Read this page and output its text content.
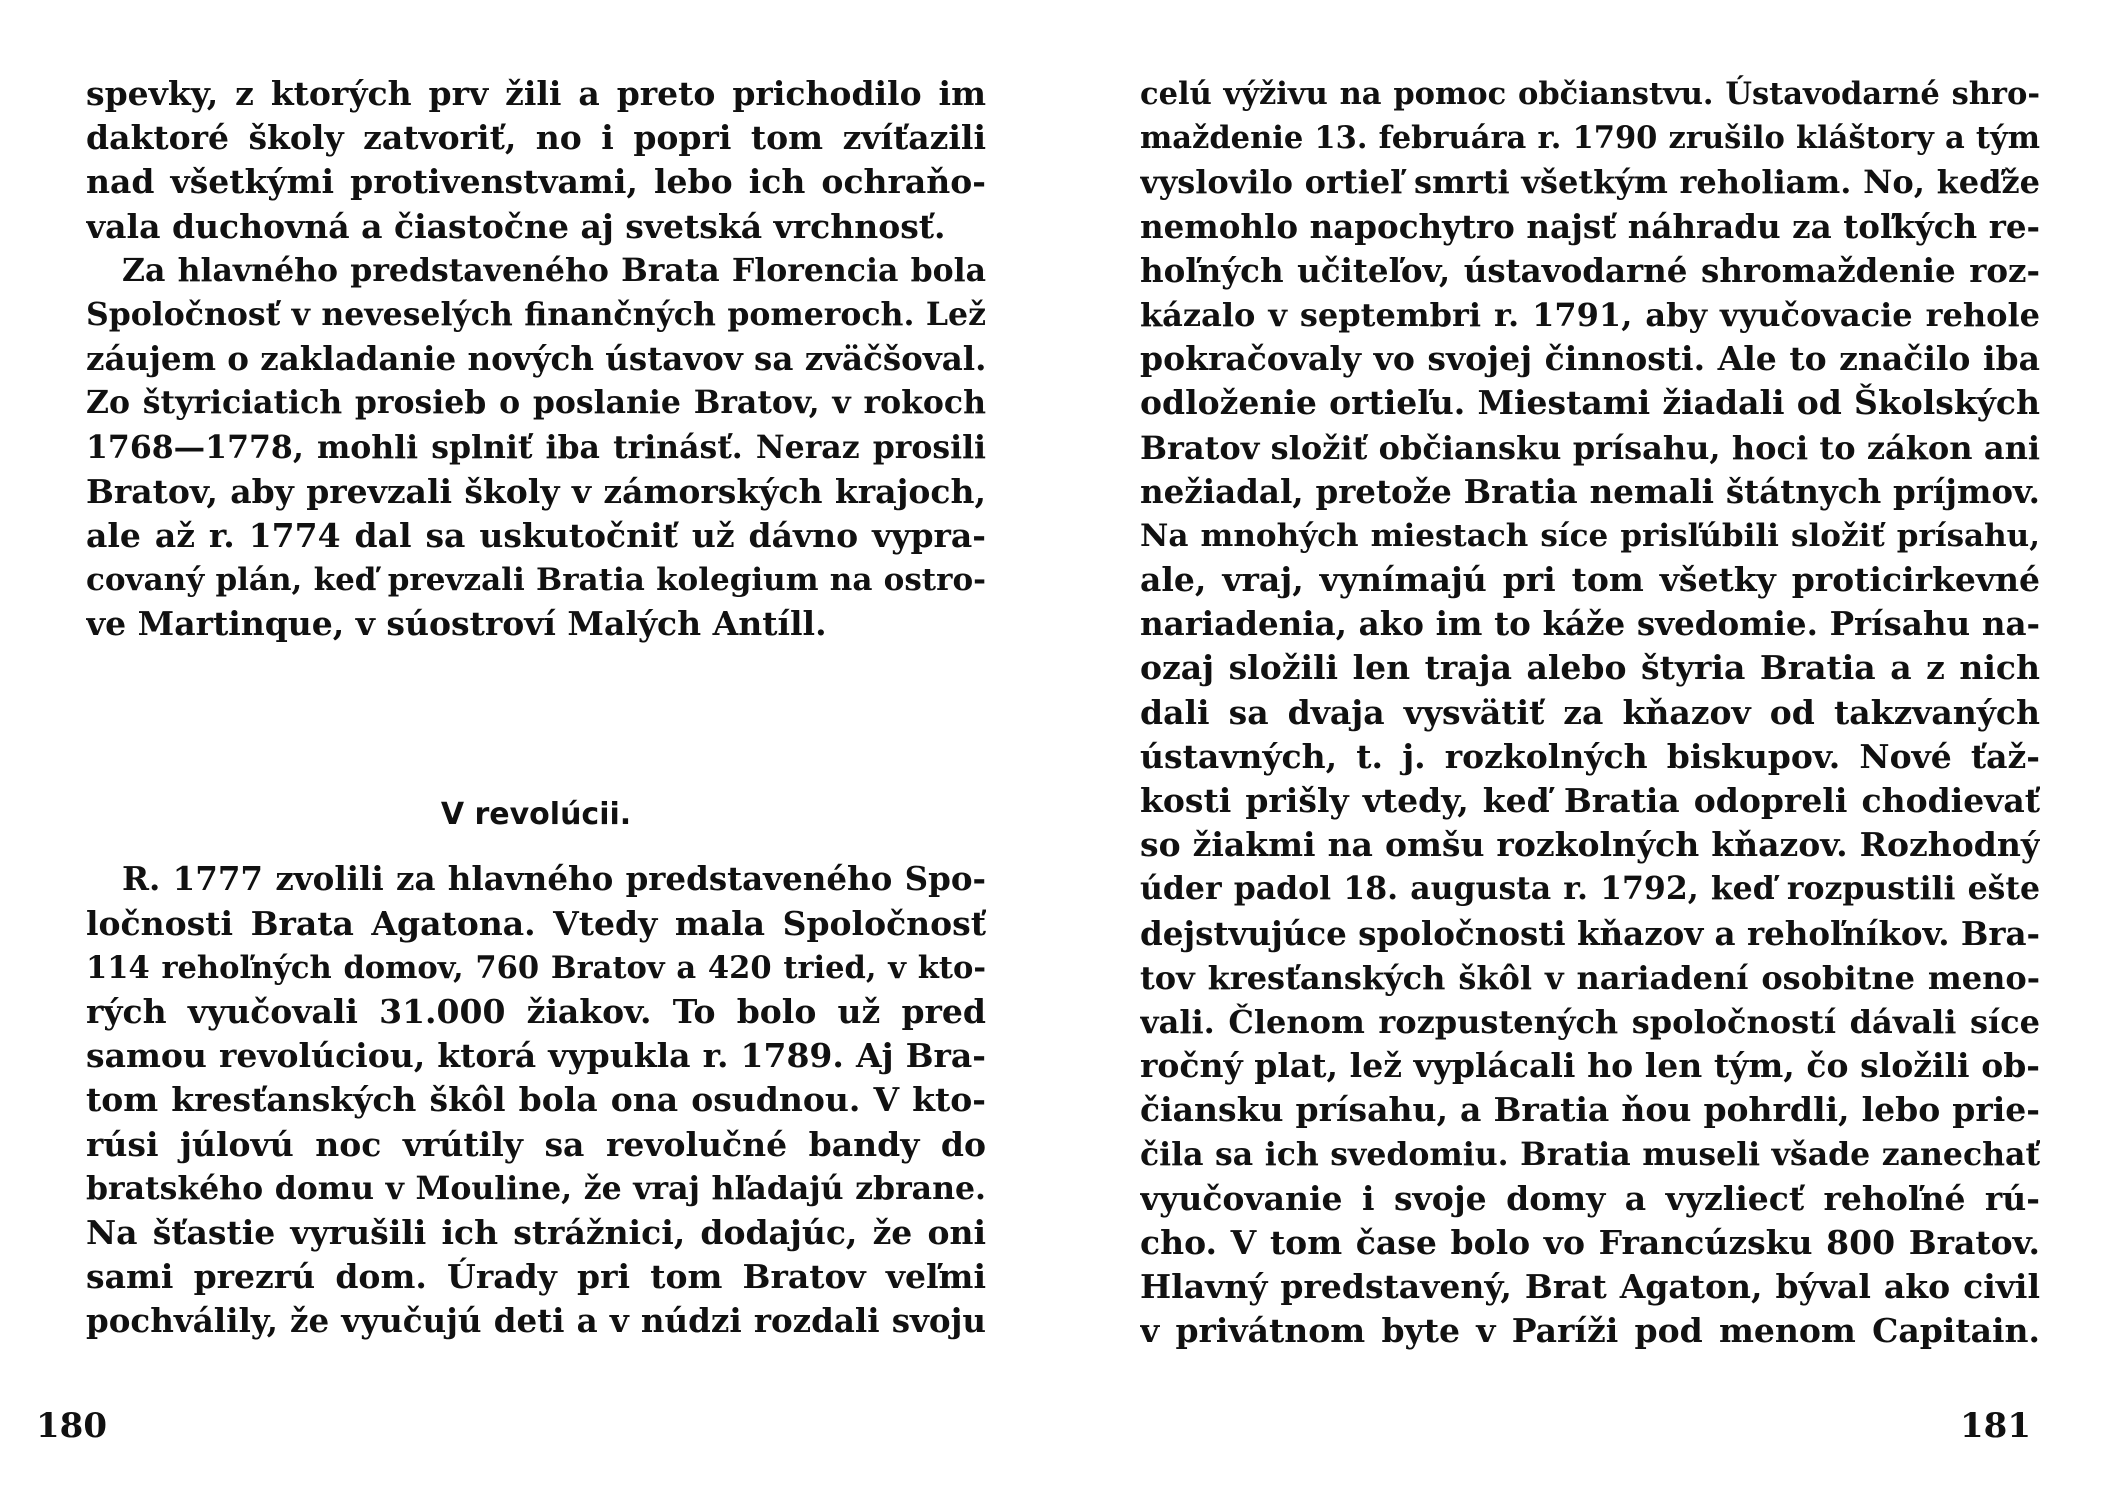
spevky, z ktorých prv žili a preto prichodilo im
daktoré školy zatvoriť, no i popri tom zvíťazili
nad všetkými protivenstvami, lebo ich ochraňo-
vala duchovná a čiastočne aj svetská vrchnosť.
Za hlavného predstaveného Brata Florencia bola
Spoločnosť v neveselých finančných pomeroch. Lež
záujem o zakladanie nových ústavov sa zväčšoval.
Zo štyriciatich prosieb o poslanie Bratov, v rokoch
1768—1778, mohli splniť iba trinásť. Neraz prosili
Bratov, aby prevzali školy v zámorských krajoch,
ale až r. 1774 dal sa uskutočniť už dávno vypra-
covaný plán, keď prevzali Bratia kolegium na ostro-
ve Martinque, v súostroví Malých Antíll.
V revolúcii.
R. 1777 zvolili za hlavného predstaveného Spo-
ločnosti Brata Agatona. Vtedy mala Spoločnosť
114 rehoľných domov, 760 Bratov a 420 tried, v kto-
rých vyučovali 31.000 žiakov. To bolo už pred
samou revolúciou, ktorá vypukla r. 1789. Aj Bra-
tom kresťanských škôl bola ona osudnou. V kto-
rúsi júlovú noc vrútily sa revolučné bandy do
bratského domu v Mouline, že vraj hľadajú zbrane.
Na šťastie vyrušili ich strážnici, dodajúc, že oni
sami prezrú dom. Úrady pri tom Bratov veľmi
pochválily, že vyučujú deti a v núdzi rozdali svoju
180
celú výživu na pomoc občianstvu. Ústavodarné shro-
maždenie 13. februára r. 1790 zrušilo kláštory a tým
vyslovilo ortieľ smrti všetkým reholiam. No, keďže
nemohlo napochytro najsť náhradu za toľkých re-
hoľných učiteľov, ústavodarné shromaždenie roz-
kázalo v septembri r. 1791, aby vyučovacie rehole
pokračovaly vo svojej činnosti. Ale to značilo iba
odloženie ortieľu. Miestami žiadali od Školských
Bratov složiť občiansku prísahu, hoci to zákon ani
nežiadal, pretože Bratia nemali štátnych príjmov.
Na mnohých miestach síce prisľúbili složiť prísahu,
ale, vraj, vynímajú pri tom všetky proticirkevné
nariadenia, ako im to káže svedomie. Prísahu na-
ozaj složili len traja alebo štyria Bratia a z nich
dali sa dvaja vysvätiť za kňazov od takzvaných
ústavných, t. j. rozkolných biskupov. Nové ťaž-
kosti prišly vtedy, keď Bratia odopreli chodievať
so žiakmi na omšu rozkolných kňazov. Rozhodný
úder padol 18. augusta r. 1792, keď rozpustili ešte
dejstvujúce spoločnosti kňazov a rehoľníkov. Bra-
tov kresťanských škôl v nariadení osobitne meno-
vali. Členom rozpustených spoločností dávali síce
ročný plat, lež vyplácali ho len tým, čo složili ob-
čiansku prísahu, a Bratia ňou pohrdli, lebo prie-
čila sa ich svedomiu. Bratia museli všade zanechať
vyučovanie i svoje domy a vyzliecť rehoľné rú-
cho. V tom čase bolo vo Francúzsku 800 Bratov.
Hlavný predstavený, Brat Agaton, býval ako civil
v privátnom byte v Paríži pod menom Capitain.
181
